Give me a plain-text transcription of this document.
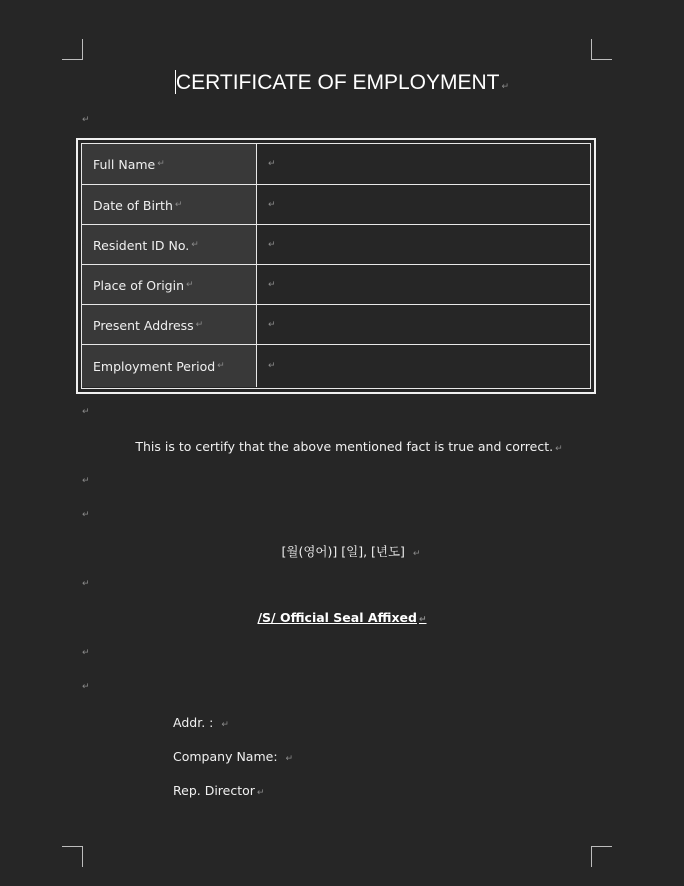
CERTIFICATE OF EMPLOYMENT ↵
↵
Full Name ↵	↵
Date of Birth ↵	↵
Resident ID No. ↵	↵
Place of Origin ↵	↵
Present Address ↵	↵
Employment Period ↵	↵
↵
This is to certify that the above mentioned fact is true and correct. ↵
↵
↵
[월(영어)] [일], [년도] ↵
↵
/S/ Official Seal Affixed ↵
↵
↵
Addr. : ↵
Company Name: ↵
Rep. Director ↵
